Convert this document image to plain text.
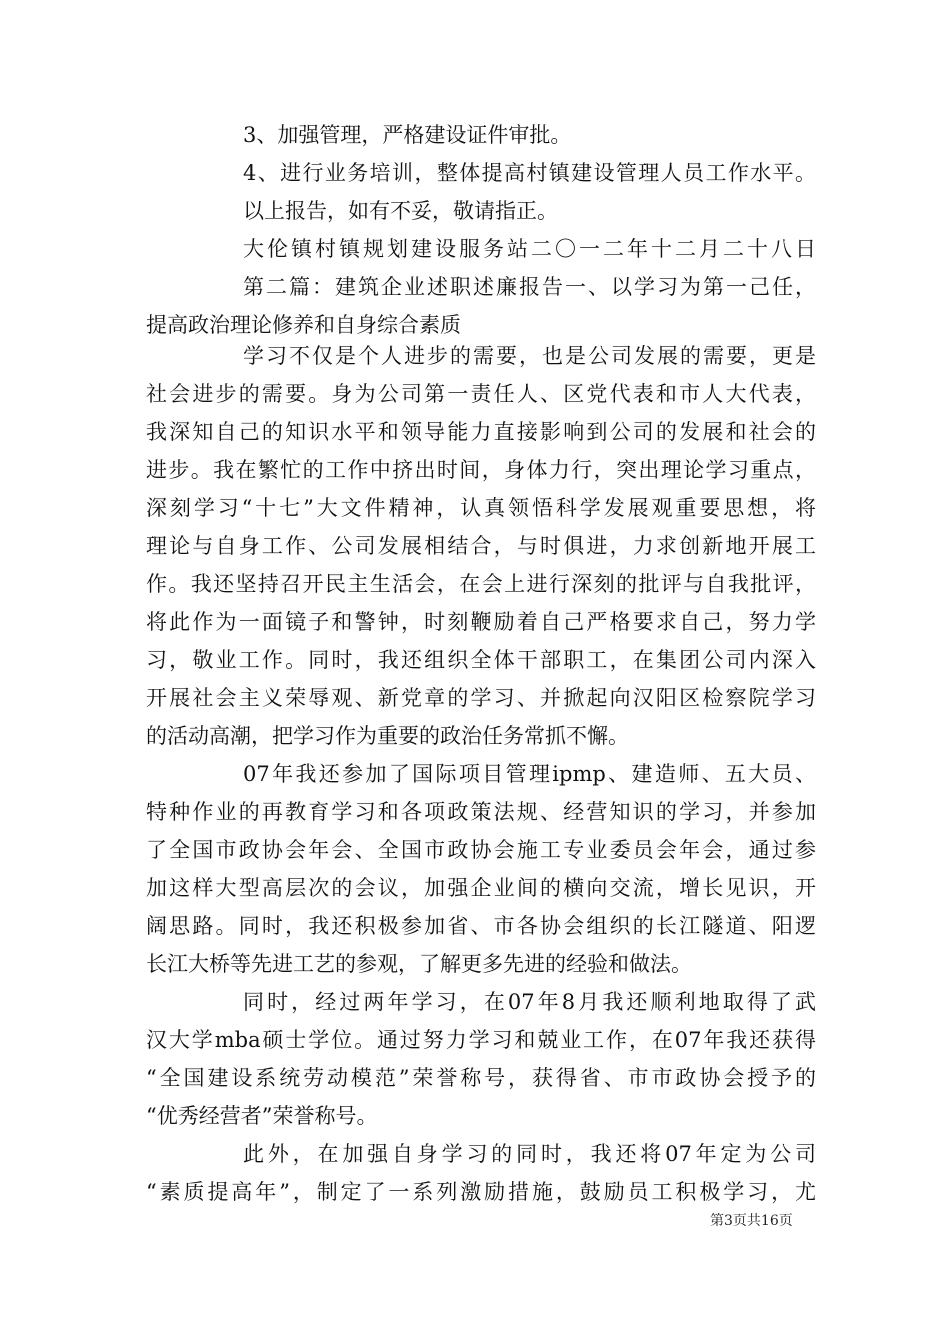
3、加强管理，严格建设证件审批。
4、进行业务培训，整体提高村镇建设管理人员工作水平。
以上报告，如有不妥，敬请指正。
大伦镇村镇规划建设服务站二〇一二年十二月二十八日
第二篇：建筑企业述职述廉报告一、以学习为第一己任，
提高政治理论修养和自身综合素质
学习不仅是个人进步的需要，也是公司发展的需要，更是
社会进步的需要。身为公司第一责任人、区党代表和市人大代表，
我深知自己的知识水平和领导能力直接影响到公司的发展和社会的
进步。我在繁忙的工作中挤出时间，身体力行，突出理论学习重点，
深刻学习“十七”大文件精神，认真领悟科学发展观重要思想，将
理论与自身工作、公司发展相结合，与时俱进，力求创新地开展工
作。我还坚持召开民主生活会，在会上进行深刻的批评与自我批评，
将此作为一面镜子和警钟，时刻鞭励着自己严格要求自己，努力学
习，敬业工作。同时，我还组织全体干部职工，在集团公司内深入
开展社会主义荣辱观、新党章的学习、并掀起向汉阳区检察院学习
的活动高潮，把学习作为重要的政治任务常抓不懈。
07年我还参加了国际项目管理ipmp、建造师、五大员、
特种作业的再教育学习和各项政策法规、经营知识的学习，并参加
了全国市政协会年会、全国市政协会施工专业委员会年会，通过参
加这样大型高层次的会议，加强企业间的横向交流，增长见识，开
阔思路。同时，我还积极参加省、市各协会组织的长江隧道、阳逻
长江大桥等先进工艺的参观，了解更多先进的经验和做法。
同时，经过两年学习，在07年8月我还顺利地取得了武
汉大学mba硕士学位。通过努力学习和兢业工作，在07年我还获得
“全国建设系统劳动模范”荣誉称号，获得省、市市政协会授予的
“优秀经营者”荣誉称号。
此外，在加强自身学习的同时，我还将07年定为公司
“素质提高年”，制定了一系列激励措施，鼓励员工积极学习，尤
第3页共16页
